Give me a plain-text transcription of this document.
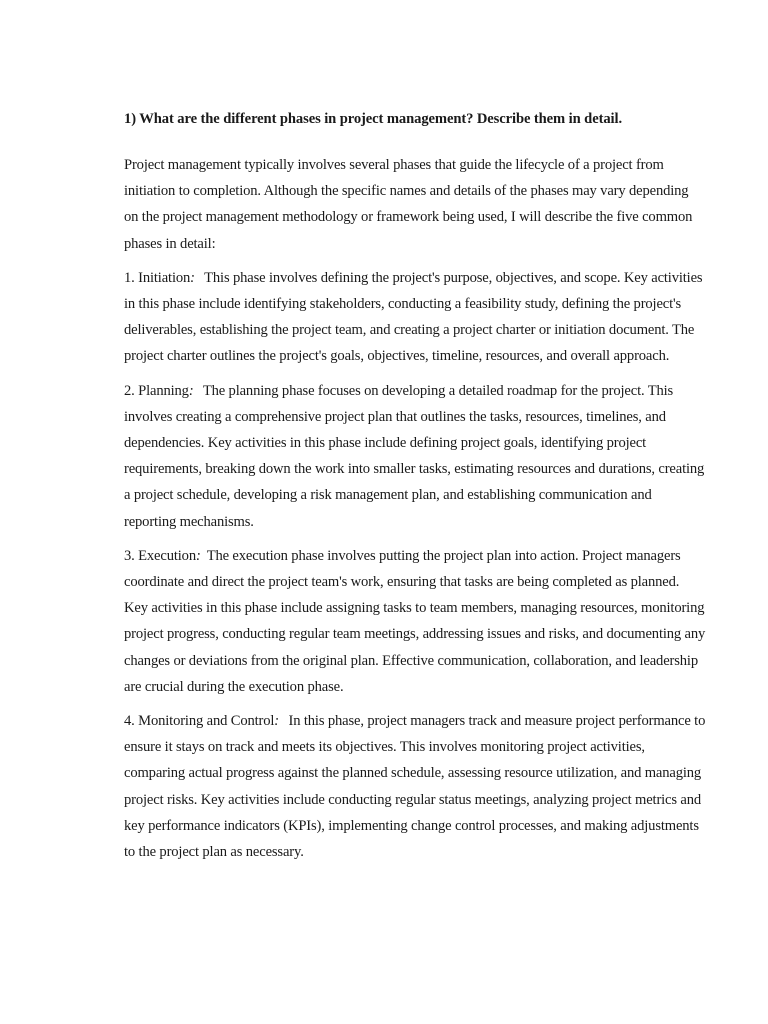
1) What are the different phases in project management? Describe them in detail.

Project management typically involves several phases that guide the lifecycle of a project from initiation to completion. Although the specific names and details of the phases may vary depending on the project management methodology or framework being used, I will describe the five common phases in detail:

1. Initiation: This phase involves defining the project's purpose, objectives, and scope. Key activities in this phase include identifying stakeholders, conducting a feasibility study, defining the project's deliverables, establishing the project team, and creating a project charter or initiation document. The project charter outlines the project's goals, objectives, timeline, resources, and overall approach.

2. Planning: The planning phase focuses on developing a detailed roadmap for the project. This involves creating a comprehensive project plan that outlines the tasks, resources, timelines, and dependencies. Key activities in this phase include defining project goals, identifying project requirements, breaking down the work into smaller tasks, estimating resources and durations, creating a project schedule, developing a risk management plan, and establishing communication and reporting mechanisms.

3. Execution: The execution phase involves putting the project plan into action. Project managers coordinate and direct the project team's work, ensuring that tasks are being completed as planned. Key activities in this phase include assigning tasks to team members, managing resources, monitoring project progress, conducting regular team meetings, addressing issues and risks, and documenting any changes or deviations from the original plan. Effective communication, collaboration, and leadership are crucial during the execution phase.

4. Monitoring and Control: In this phase, project managers track and measure project performance to ensure it stays on track and meets its objectives. This involves monitoring project activities, comparing actual progress against the planned schedule, assessing resource utilization, and managing project risks. Key activities include conducting regular status meetings, analyzing project metrics and key performance indicators (KPIs), implementing change control processes, and making adjustments to the project plan as necessary.
